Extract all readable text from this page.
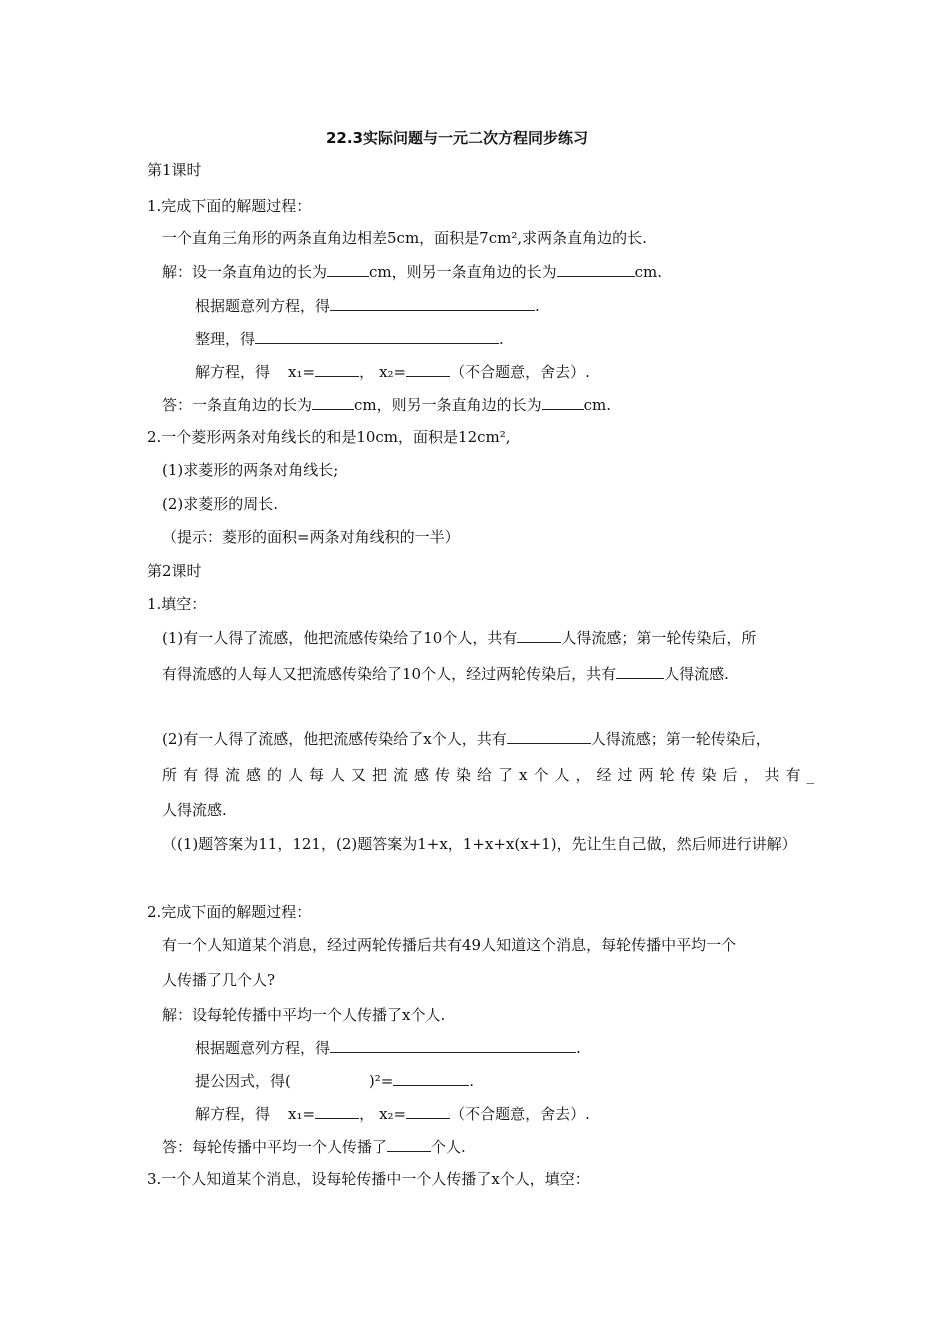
22.3实际问题与一元二次方程同步练习
第1课时
1.完成下面的解题过程：
一个直角三角形的两条直角边相差5cm，面积是7cm²,求两条直角边的长.
解：设一条直角边的长为	cm，则另一条直角边的长为	cm.
根据题意列方程，得	.
整理，得	.
解方程，得 x₁=	， x₂=	（不合题意，舍去）.
答：一条直角边的长为	cm，则另一条直角边的长为	cm.
2.一个菱形两条对角线长的和是10cm，面积是12cm²,
(1)求菱形的两条对角线长;
(2)求菱形的周长.
（提示：菱形的面积=两条对角线积的一半）
第2课时
1.填空：
(1)有一人得了流感，他把流感传染给了10个人，共有	人得流感；第一轮传染后，所
有得流感的人每人又把流感传染给了10个人，经过两轮传染后，共有	人得流感.
(2)有一人得了流感，他把流感传染给了x个人，共有	人得流感；第一轮传染后，
所有得流感的人每人又把流感传染给了x个人，经过两轮传染后，共有_
人得流感.
（(1)题答案为11，121，(2)题答案为1+x，1+x+x(x+1)，先让生自己做，然后师进行讲解）
2.完成下面的解题过程：
有一个人知道某个消息，经过两轮传播后共有49人知道这个消息，每轮传播中平均一个
人传播了几个人?
解：设每轮传播中平均一个人传播了x个人.
根据题意列方程，得	.
提公因式，得(	)²=	.
解方程，得 x₁=	， x₂=	（不合题意，舍去）.
答：每轮传播中平均一个人传播了	个人.
3.一个人知道某个消息，设每轮传播中一个人传播了x个人，填空：
